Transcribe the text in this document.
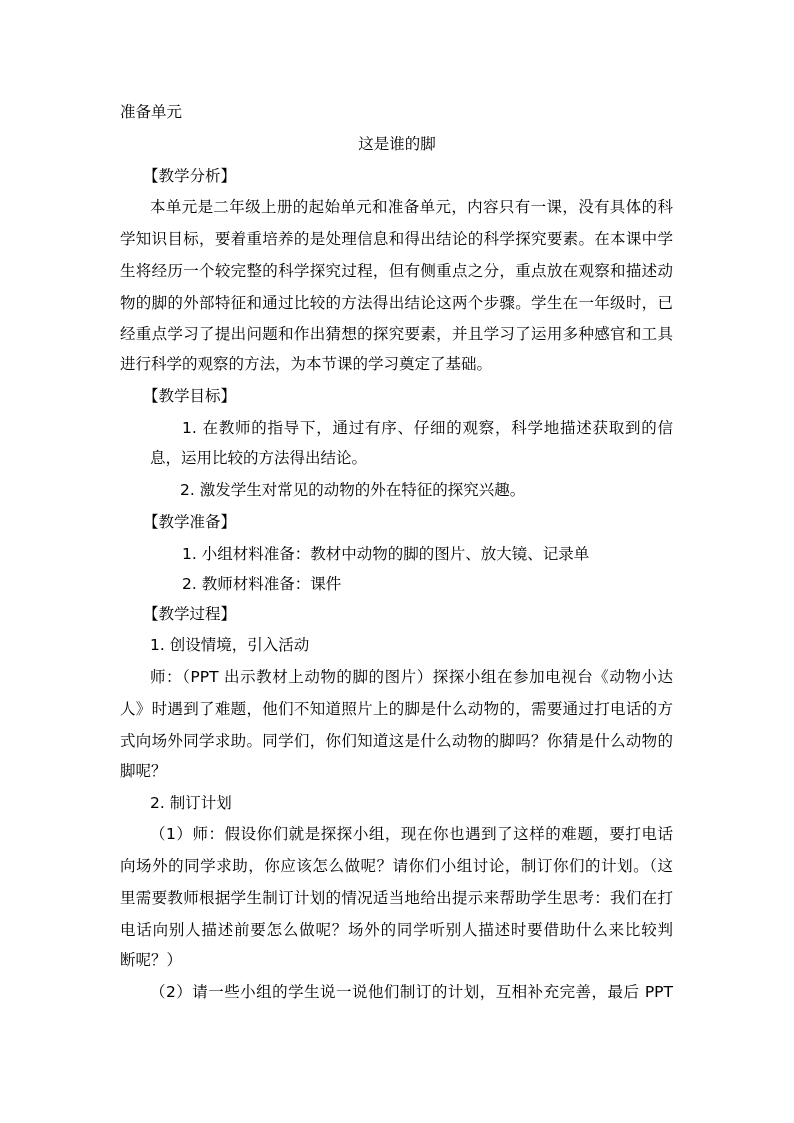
准备单元
这是谁的脚
【教学分析】
本单元是二年级上册的起始单元和准备单元，内容只有一课，没有具体的科
学知识目标，要着重培养的是处理信息和得出结论的科学探究要素。在本课中学
生将经历一个较完整的科学探究过程，但有侧重点之分，重点放在观察和描述动
物的脚的外部特征和通过比较的方法得出结论这两个步骤。学生在一年级时，已
经重点学习了提出问题和作出猜想的探究要素，并且学习了运用多种感官和工具
进行科学的观察的方法，为本节课的学习奠定了基础。
【教学目标】
1. 在教师的指导下，通过有序、仔细的观察，科学地描述获取到的信
息，运用比较的方法得出结论。
2. 激发学生对常见的动物的外在特征的探究兴趣。
【教学准备】
1. 小组材料准备：教材中动物的脚的图片、放大镜、记录单
2. 教师材料准备：课件
【教学过程】
1. 创设情境，引入活动
师：（PPT 出示教材上动物的脚的图片）探探小组在参加电视台《动物小达
人》时遇到了难题，他们不知道照片上的脚是什么动物的，需要通过打电话的方
式向场外同学求助。同学们，你们知道这是什么动物的脚吗？你猜是什么动物的
脚呢？
2. 制订计划
（1）师：假设你们就是探探小组，现在你也遇到了这样的难题，要打电话
向场外的同学求助，你应该怎么做呢？请你们小组讨论，制订你们的计划。（这
里需要教师根据学生制订计划的情况适当地给出提示来帮助学生思考：我们在打
电话向别人描述前要怎么做呢？场外的同学听别人描述时要借助什么来比较判
断呢？）
（2）请一些小组的学生说一说他们制订的计划，互相补充完善，最后 PPT
